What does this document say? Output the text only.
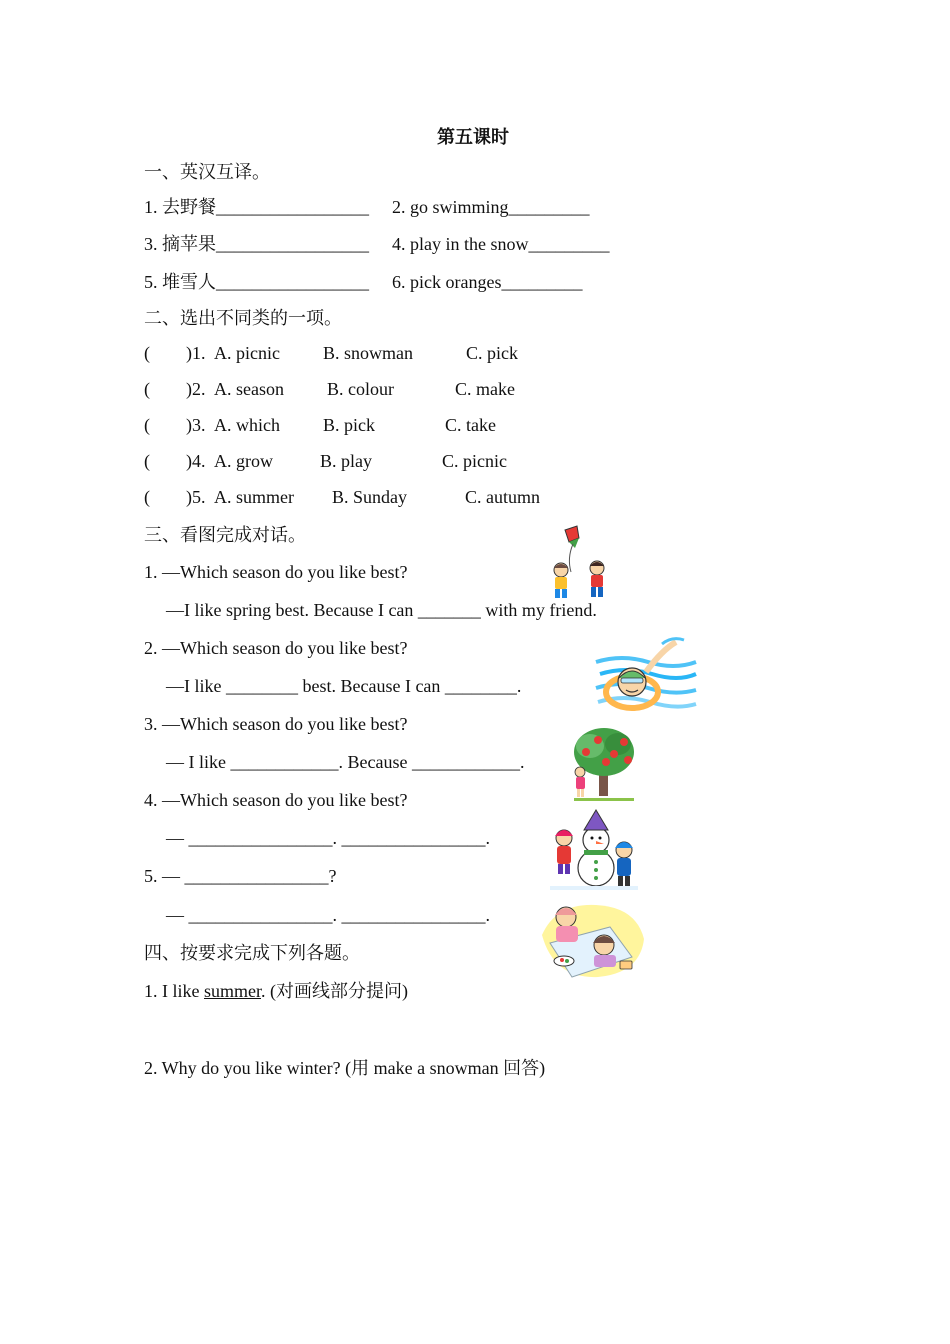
第五课时
一、英汉互译。
1. 去野餐_________________ 2. go swimming_________
3. 摘苹果_________________ 4. play in the snow_________
5. 堆雪人_________________ 6. pick oranges_________
二、选出不同类的一项。
(        )1. A. picnic B. snowman	C. pick
(        )2. A. season B. colour	C. make
(        )3. A. which B. pick	C. take
(        )4. A. grow	B. play	C. picnic
(        )5. A. summer B. Sunday	C. autumn
三、看图完成对话。
1. —Which season do you like best?
—I like spring best. Because I can _______ with my friend.
2. —Which season do you like best?
—I like ________ best. Because I can ________.
3. —Which season do you like best?
— I like ____________. Because ____________.
4. —Which season do you like best?
— ________________. ________________.
5. — ________________?
— ________________. ________________.
四、按要求完成下列各题。
1. I like summer. (对画线部分提问)
2. Why do you like winter? (用 make a snowman 回答)
